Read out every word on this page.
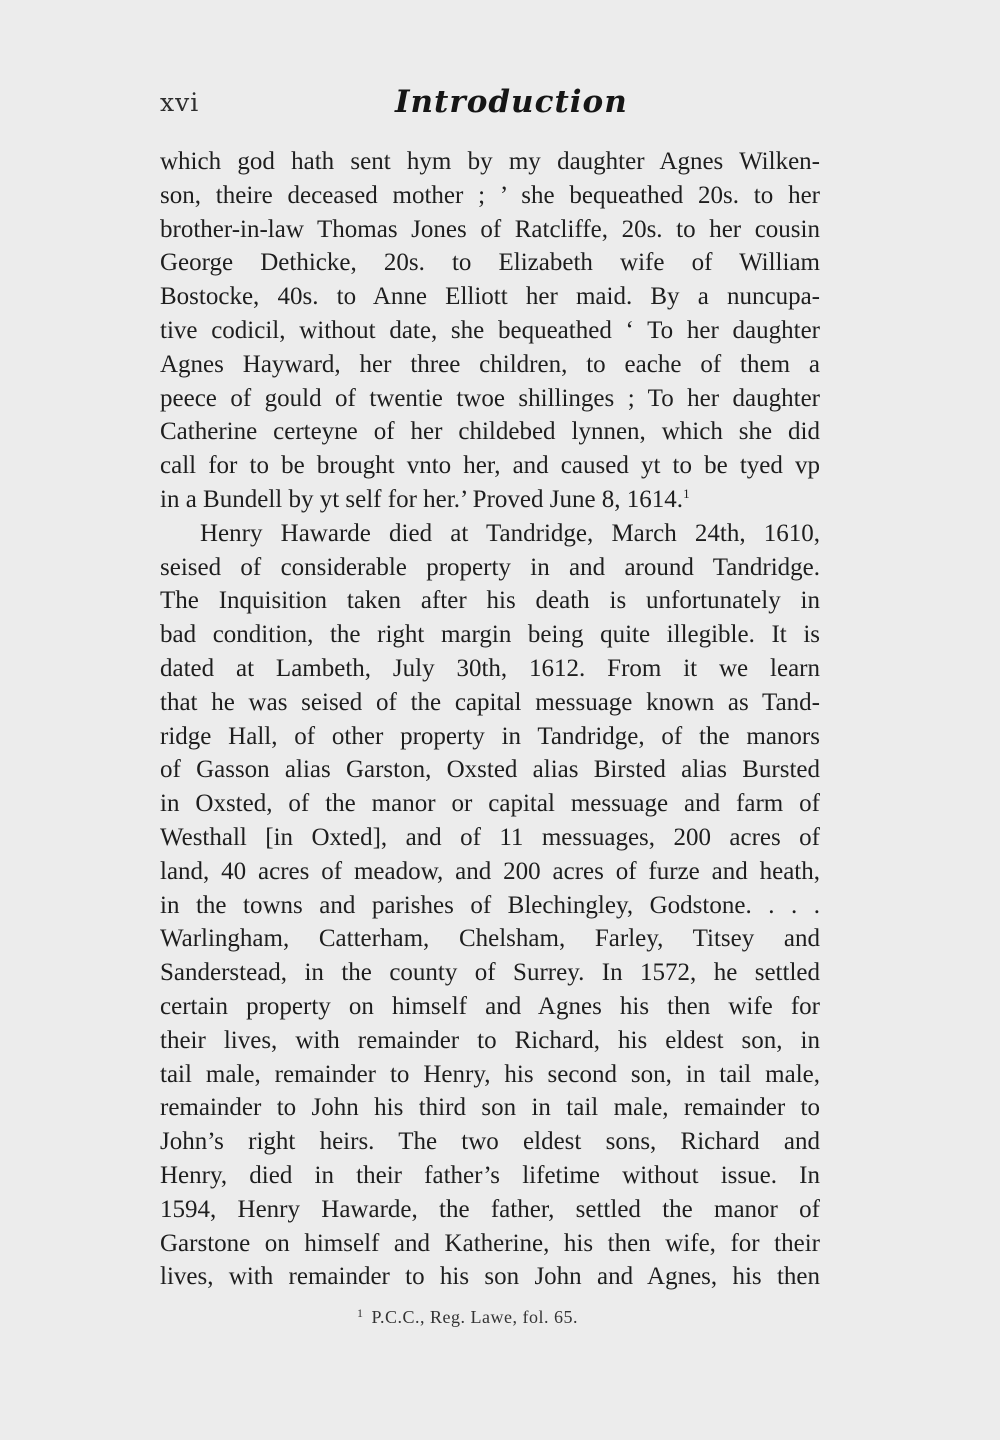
xvi	Introduction
which god hath sent hym by my daughter Agnes Wilken-
son, theire deceased mother ; ’ she bequeathed 20s. to her
brother-in-law Thomas Jones of Ratcliffe, 20s. to her cousin
George Dethicke, 20s. to Elizabeth wife of William
Bostocke, 40s. to Anne Elliott her maid. By a nuncupa-
tive codicil, without date, she bequeathed ‘ To her daughter
Agnes Hayward, her three children, to eache of them a
peece of gould of twentie twoe shillinges ; To her daughter
Catherine certeyne of her childebed lynnen, which she did
call for to be brought vnto her, and caused yt to be tyed vp
in a Bundell by yt self for her.’ Proved June 8, 1614.$^1$
Henry Hawarde died at Tandridge, March 24th, 1610,
seised of considerable property in and around Tandridge.
The Inquisition taken after his death is unfortunately in
bad condition, the right margin being quite illegible. It is
dated at Lambeth, July 30th, 1612. From it we learn
that he was seised of the capital messuage known as Tand-
ridge Hall, of other property in Tandridge, of the manors
of Gasson alias Garston, Oxsted alias Birsted alias Bursted
in Oxsted, of the manor or capital messuage and farm of
Westhall [in Oxted], and of 11 messuages, 200 acres of
land, 40 acres of meadow, and 200 acres of furze and heath,
in the towns and parishes of Blechingley, Godstone. . . .
Warlingham, Catterham, Chelsham, Farley, Titsey and
Sanderstead, in the county of Surrey. In 1572, he settled
certain property on himself and Agnes his then wife for
their lives, with remainder to Richard, his eldest son, in
tail male, remainder to Henry, his second son, in tail male,
remainder to John his third son in tail male, remainder to
John’s right heirs. The two eldest sons, Richard and
Henry, died in their father’s lifetime without issue. In
1594, Henry Hawarde, the father, settled the manor of
Garstone on himself and Katherine, his then wife, for their
lives, with remainder to his son John and Agnes, his then
$^1$ P.C.C., Reg. Lawe, fol. 65.
